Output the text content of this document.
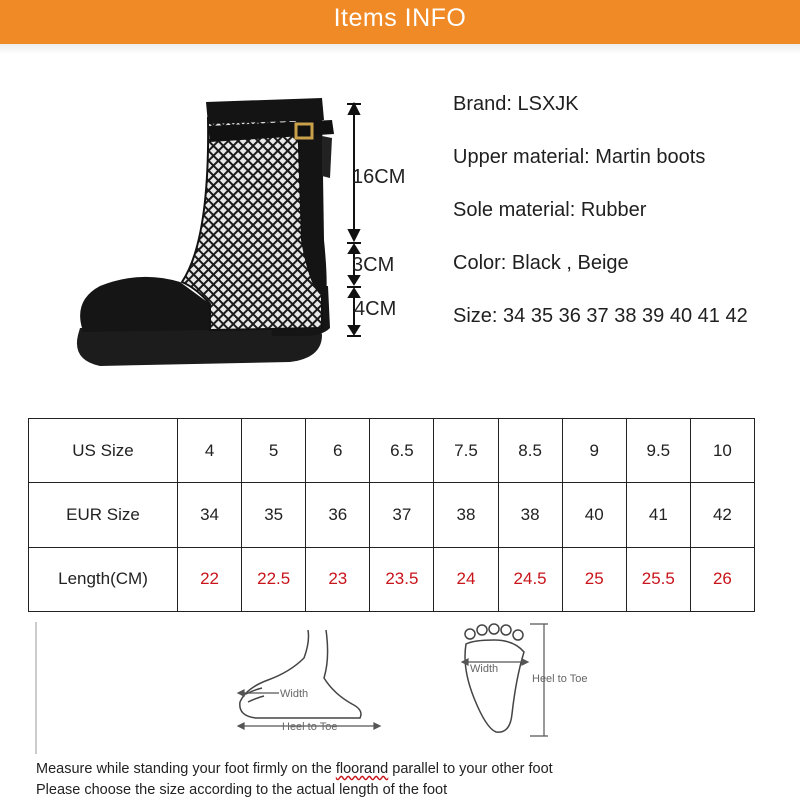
Items INFO
16CM
3CM
4CM
Brand: LSXJK
Upper material: Martin boots
Sole material: Rubber
Color: Black , Beige
Size: 34 35 36 37 38 39 40 41 42
US Size	4	5	6	6.5	7.5	8.5	9	9.5	10
EUR Size	34	35	36	37	38	38	40	41	42
Length(CM)	22	22.5	23	23.5	24	24.5	25	25.5	26
Width
Heel to Toe
Width
Heel to Toe
Measure while standing your foot firmly on the floorand parallel to your other foot
Please choose the size according to the actual length of the foot
